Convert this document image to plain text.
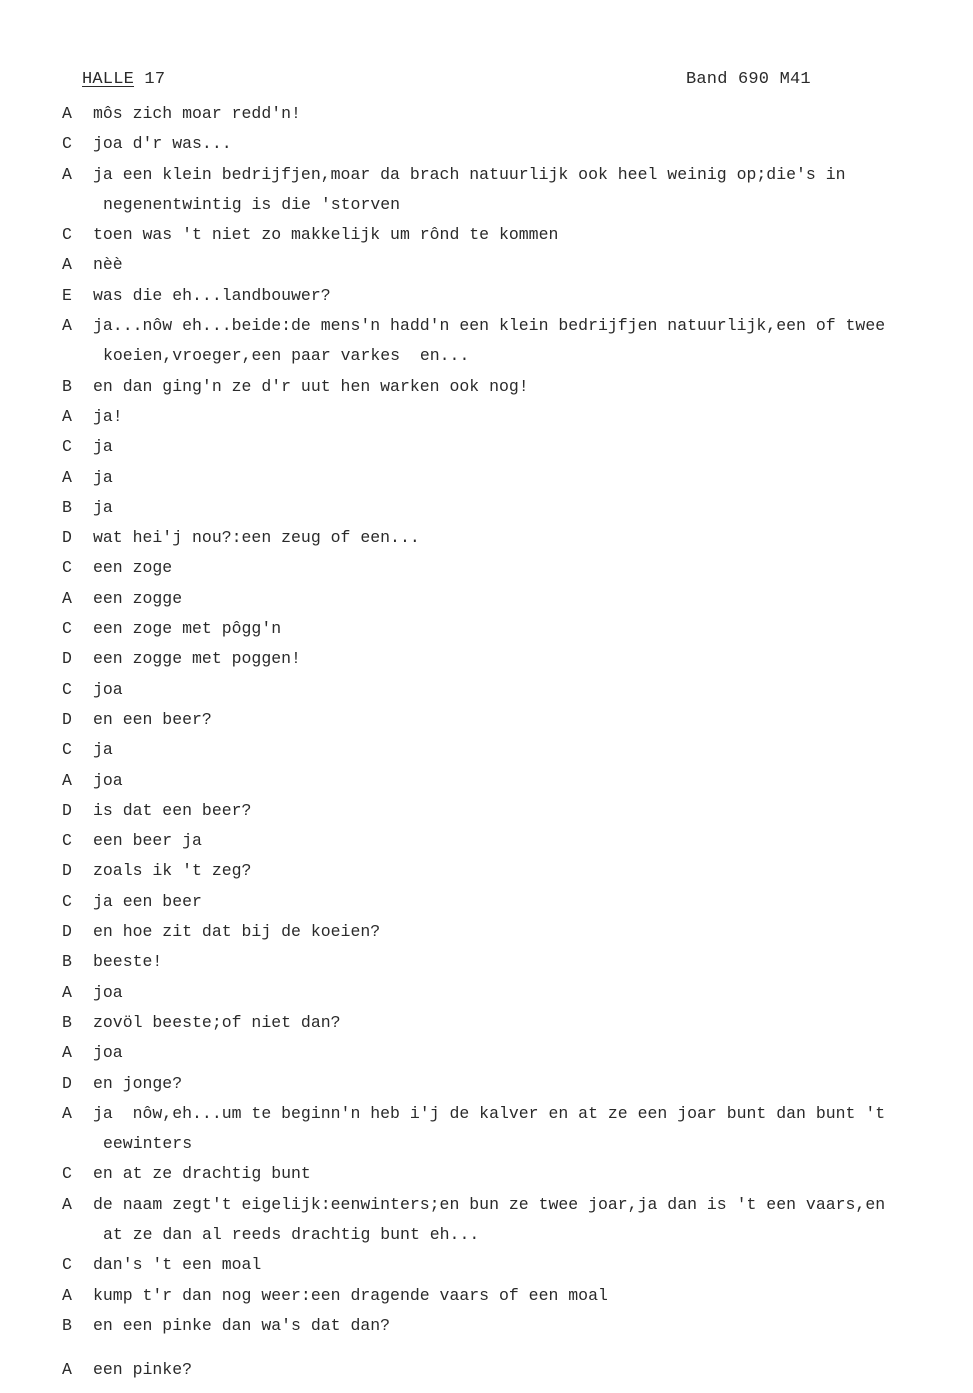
HALLE 17	Band 690 M41
A	môs zich moar redd'n!
C	joa d'r was...
A	ja een klein bedrijfjen,moar da brach natuurlijk ook heel weinig op;die's in
negenentwintig is die 'storven
C	toen was 't niet zo makkelijk um rônd te kommen
A	nèè
E	was die eh...landbouwer?
A	ja...nôw eh...beide:de mens'n hadd'n een klein bedrijfjen natuurlijk,een of twee
koeien,vroeger,een paar varkes  en...
B	en dan ging'n ze d'r uut hen warken ook nog!
A	ja!
C	ja
A	ja
B	ja
D	wat hei'j nou?:een zeug of een...
C	een zoge
A	een zogge
C	een zoge met pôgg'n
D	een zogge met poggen!
C	joa
D	en een beer?
C	ja
A	joa
D	is dat een beer?
C	een beer ja
D	zoals ik 't zeg?
C	ja een beer
D	en hoe zit dat bij de koeien?
B	beeste!
A	joa
B	zovöl beeste;of niet dan?
A	joa
D	en jonge?
A	ja  nôw,eh...um te beginn'n heb i'j de kalver en at ze een joar bunt dan bunt 't
eewinters
C	en at ze drachtig bunt
A	de naam zegt't eigelijk:eenwinters;en bun ze twee joar,ja dan is 't een vaars,en
at ze dan al reeds drachtig bunt eh...
C	dan's 't een moal
A	kump t'r dan nog weer:een dragende vaars of een moal
B	en een pinke dan wa's dat dan?
A	een pinke?
